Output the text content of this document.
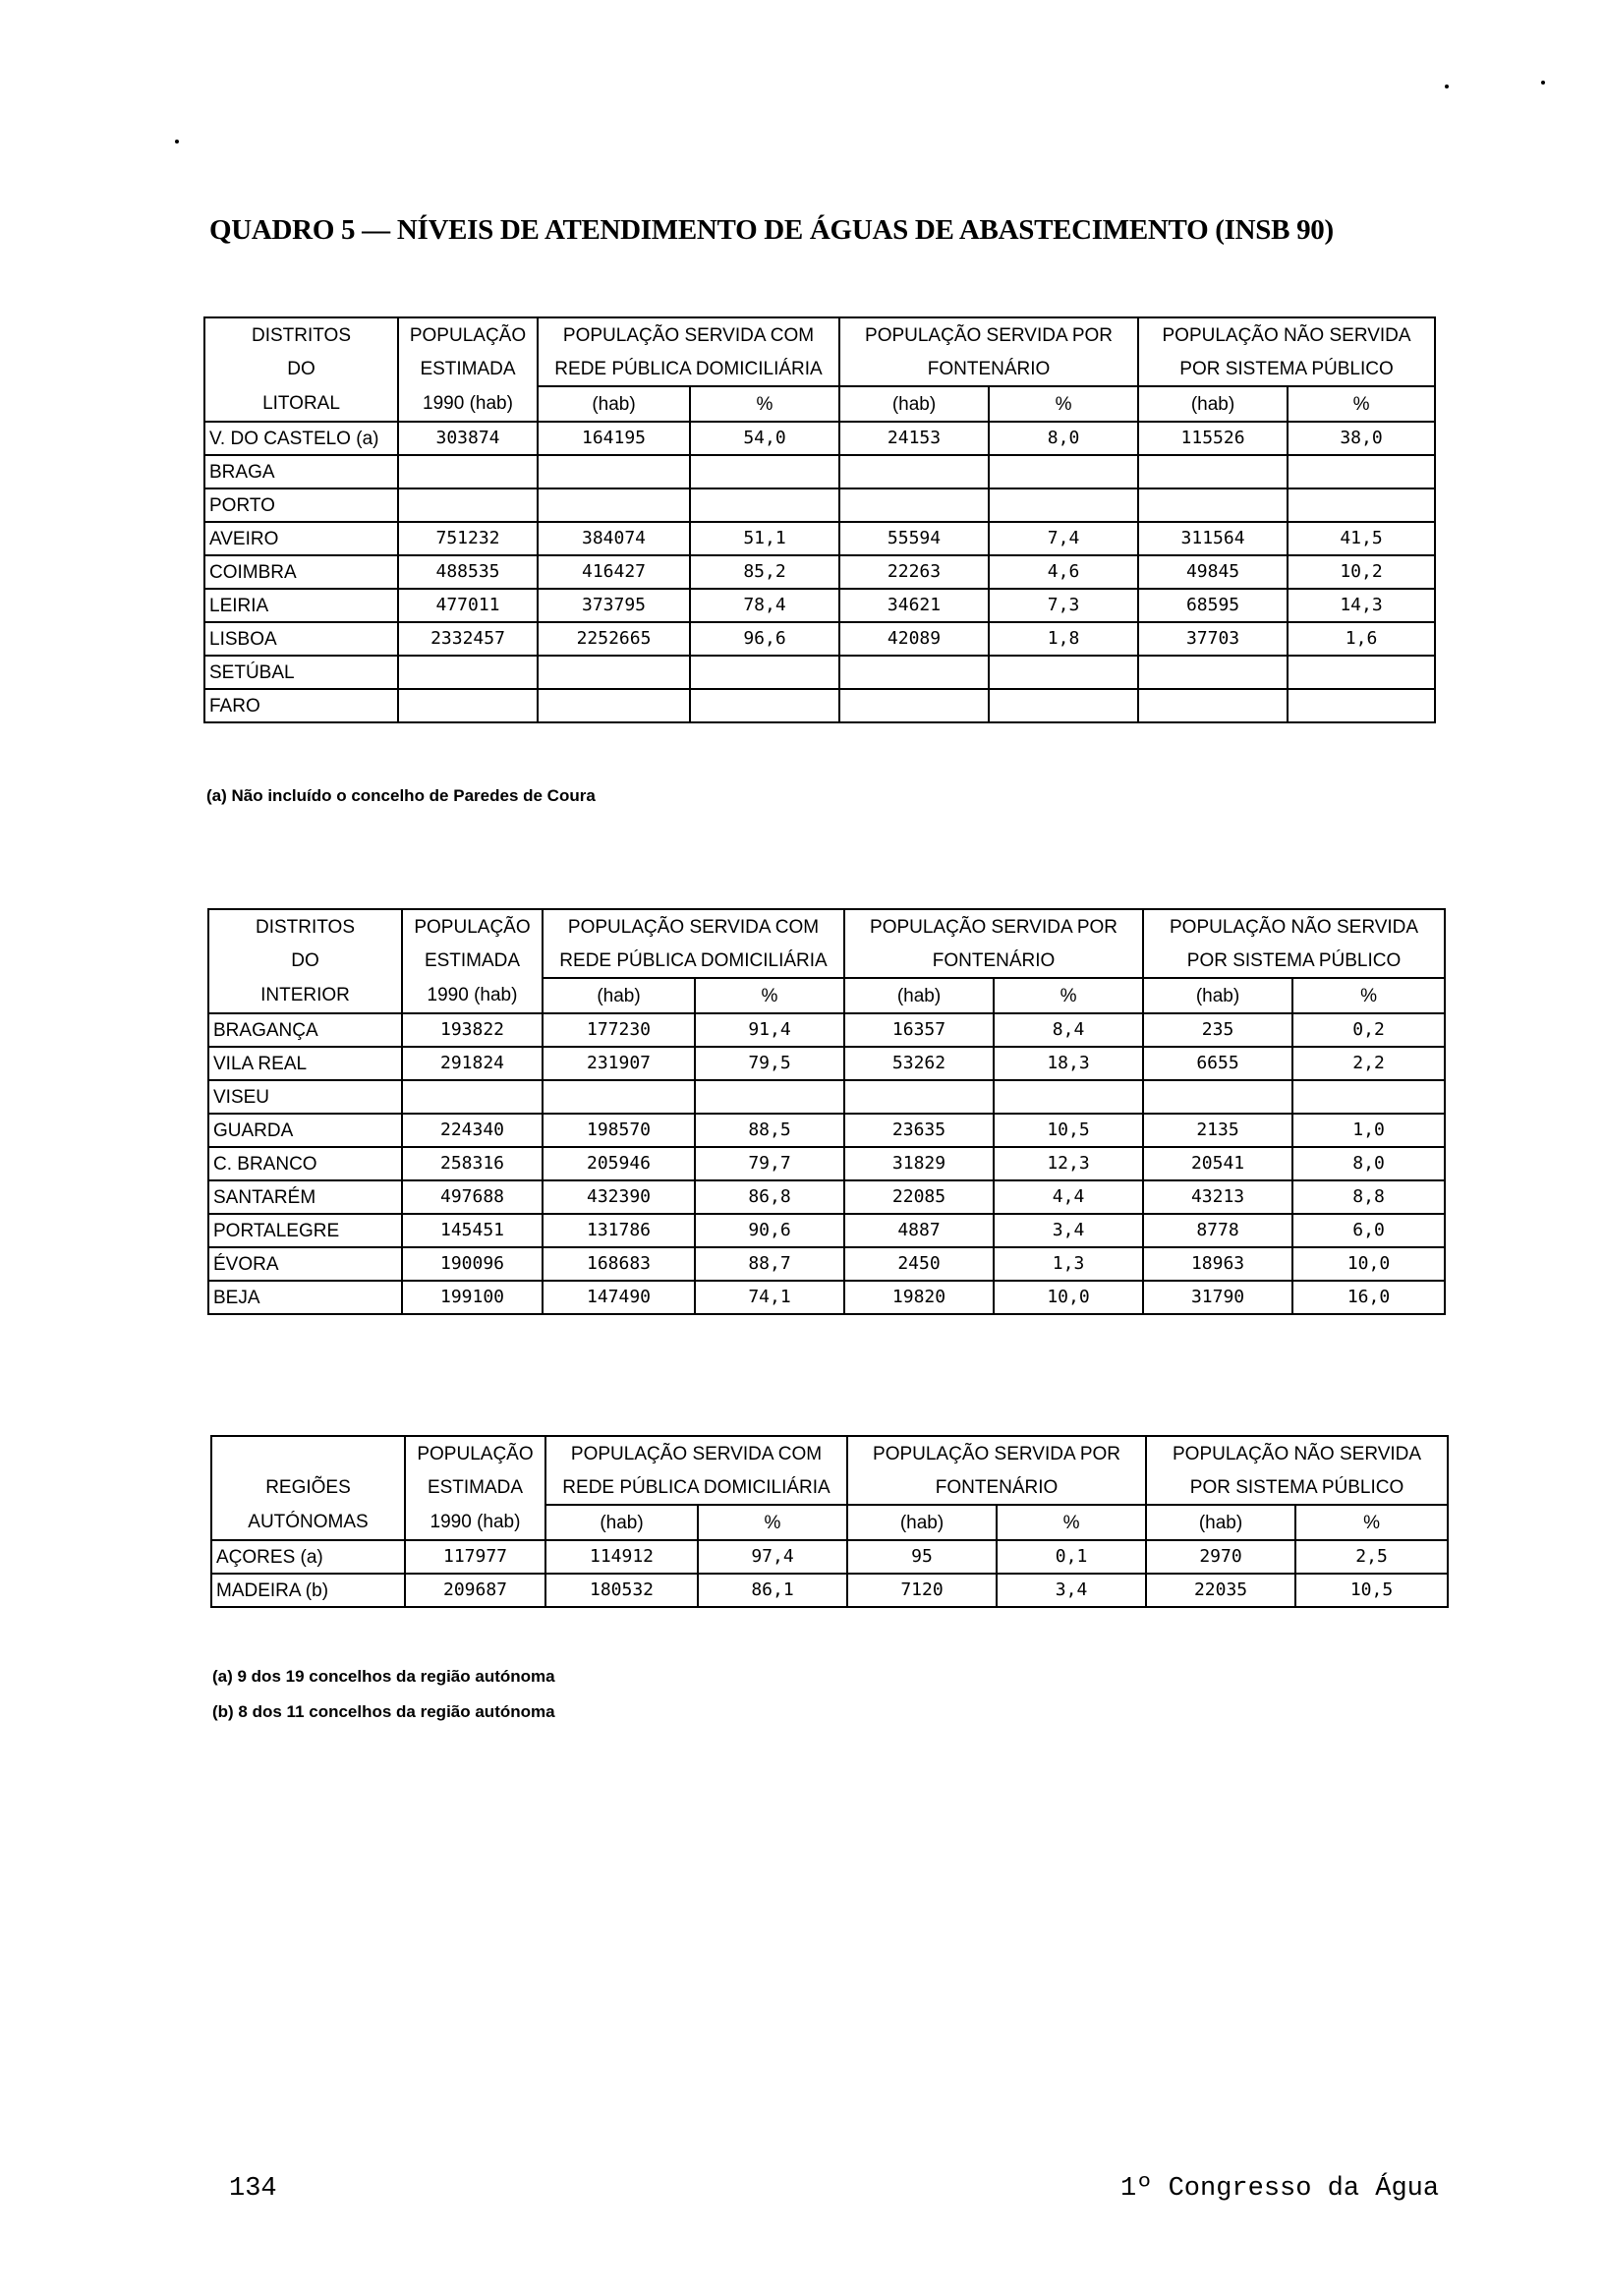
QUADRO 5 — NÍVEIS DE ATENDIMENTO DE ÁGUAS DE ABASTECIMENTO (INSB 90)
DISTRITOS	POPULAÇÃO	POPULAÇÃO SERVIDA COM		POPULAÇÃO SERVIDA POR		POPULAÇÃO NÃO SERVIDA	
DO	ESTIMADA	REDE PÚBLICA DOMICILIÁRIA		FONTENÁRIO		POR SISTEMA PÚBLICO	
LITORAL	1990 (hab)	(hab)	%	(hab)	%	(hab)	%
V. DO CASTELO (a)	303874	164195	54,0	24153	8,0	115526	38,0
BRAGA							
PORTO							
AVEIRO	751232	384074	51,1	55594	7,4	311564	41,5
COIMBRA	488535	416427	85,2	22263	4,6	49845	10,2
LEIRIA	477011	373795	78,4	34621	7,3	68595	14,3
LISBOA	2332457	2252665	96,6	42089	1,8	37703	1,6
SETÚBAL							
FARO							
(a) Não incluído o concelho de Paredes de Coura
DISTRITOS	POPULAÇÃO	POPULAÇÃO SERVIDA COM		POPULAÇÃO SERVIDA POR		POPULAÇÃO NÃO SERVIDA	
DO	ESTIMADA	REDE PÚBLICA DOMICILIÁRIA		FONTENÁRIO		POR SISTEMA PÚBLICO	
INTERIOR	1990 (hab)	(hab)	%	(hab)	%	(hab)	%
BRAGANÇA	193822	177230	91,4	16357	8,4	235	0,2
VILA REAL	291824	231907	79,5	53262	18,3	6655	2,2
VISEU							
GUARDA	224340	198570	88,5	23635	10,5	2135	1,0
C. BRANCO	258316	205946	79,7	31829	12,3	20541	8,0
SANTARÉM	497688	432390	86,8	22085	4,4	43213	8,8
PORTALEGRE	145451	131786	90,6	4887	3,4	8778	6,0
ÉVORA	190096	168683	88,7	2450	1,3	18963	10,0
BEJA	199100	147490	74,1	19820	10,0	31790	16,0
	POPULAÇÃO	POPULAÇÃO SERVIDA COM		POPULAÇÃO SERVIDA POR		POPULAÇÃO NÃO SERVIDA	
REGIÕES	ESTIMADA	REDE PÚBLICA DOMICILIÁRIA		FONTENÁRIO		POR SISTEMA PÚBLICO	
AUTÓNOMAS	1990 (hab)	(hab)	%	(hab)	%	(hab)	%
AÇORES (a)	117977	114912	97,4	95	0,1	2970	2,5
MADEIRA (b)	209687	180532	86,1	7120	3,4	22035	10,5
(a) 9 dos 19 concelhos da região autónoma
(b) 8 dos 11 concelhos da região autónoma
134	1º Congresso da Água
